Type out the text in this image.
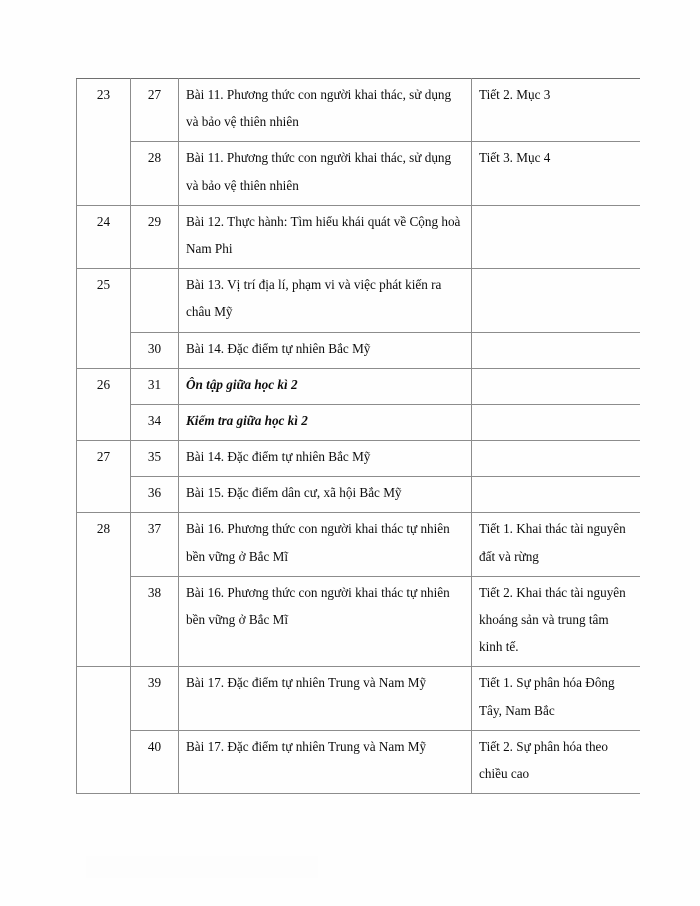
23	27	Bài 11. Phương thức con người khai thác, sử dụng và bảo vệ thiên nhiên	Tiết 2. Mục 3
	28	Bài 11. Phương thức con người khai thác, sử dụng và bảo vệ thiên nhiên	Tiết 3. Mục 4
24	29	Bài 12. Thực hành: Tìm hiểu khái quát về Cộng hoà Nam Phi	
25		Bài 13. Vị trí địa lí, phạm vi và việc phát kiến ra châu Mỹ	
	30	Bài 14. Đặc điểm tự nhiên Bắc Mỹ	
26	31	Ôn tập giữa học kì 2	
	34	Kiểm tra giữa học kì 2	
27	35	Bài 14. Đặc điểm tự nhiên Bắc Mỹ	
	36	Bài 15. Đặc điểm dân cư, xã hội Bắc Mỹ	
28	37	Bài 16. Phương thức con người khai thác tự nhiên bền vững ở Bắc Mĩ	Tiết 1. Khai thác tài nguyên đất và rừng
	38	Bài 16. Phương thức con người khai thác tự nhiên bền vững ở Bắc Mĩ	Tiết 2. Khai thác tài nguyên khoáng sản và trung tâm kinh tế.
	39	Bài 17. Đặc điểm tự nhiên Trung và Nam Mỹ	Tiết 1. Sự phân hóa Đông Tây, Nam Bắc
	40	Bài 17. Đặc điểm tự nhiên Trung và Nam Mỹ	Tiết 2. Sự phân hóa theo chiều cao
